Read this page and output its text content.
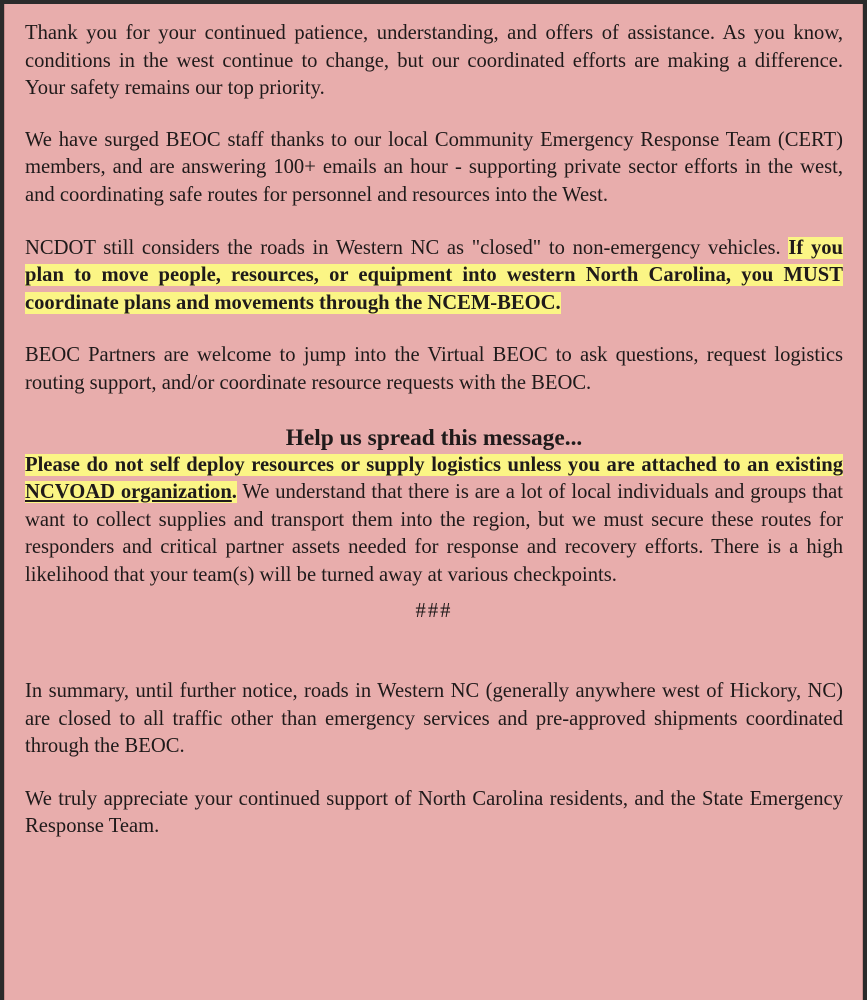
Thank you for your continued patience, understanding, and offers of assistance. As you know, conditions in the west continue to change, but our coordinated efforts are making a difference. Your safety remains our top priority.

We have surged BEOC staff thanks to our local Community Emergency Response Team (CERT) members, and are answering 100+ emails an hour - supporting private sector efforts in the west, and coordinating safe routes for personnel and resources into the West.

NCDOT still considers the roads in Western NC as "closed" to non-emergency vehicles. If you plan to move people, resources, or equipment into western North Carolina, you MUST coordinate plans and movements through the NCEM-BEOC.

BEOC Partners are welcome to jump into the Virtual BEOC to ask questions, request logistics routing support, and/or coordinate resource requests with the BEOC.

Help us spread this message...

Please do not self deploy resources or supply logistics unless you are attached to an existing NCVOAD organization. We understand that there is are a lot of local individuals and groups that want to collect supplies and transport them into the region, but we must secure these routes for responders and critical partner assets needed for response and recovery efforts. There is a high likelihood that your team(s) will be turned away at various checkpoints.

###

In summary, until further notice, roads in Western NC (generally anywhere west of Hickory, NC) are closed to all traffic other than emergency services and pre-approved shipments coordinated through the BEOC.

We truly appreciate your continued support of North Carolina residents, and the State Emergency Response Team.
